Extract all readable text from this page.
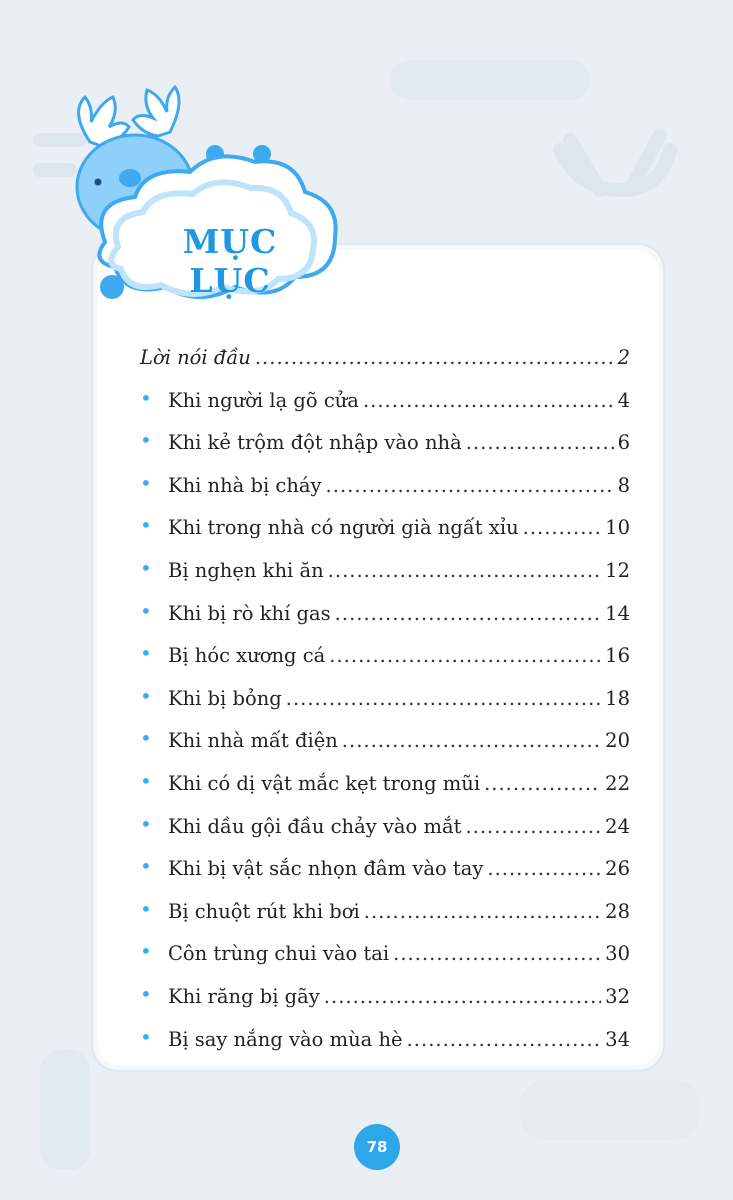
MỤC LỤC
Lời nói đầu .....	2
• Khi người lạ gõ cửa .....	4
• Khi kẻ trộm đột nhập vào nhà .....	6
• Khi nhà bị cháy .....	8
• Khi trong nhà có người già ngất xỉu .....	10
• Bị nghẹn khi ăn .....	12
• Khi bị rò khí gas .....	14
• Bị hóc xương cá .....	16
• Khi bị bỏng .....	18
• Khi nhà mất điện .....	20
• Khi có dị vật mắc kẹt trong mũi .....	22
• Khi dầu gội đầu chảy vào mắt .....	24
• Khi bị vật sắc nhọn đâm vào tay .....	26
• Bị chuột rút khi bơi .....	28
• Côn trùng chui vào tai .....	30
• Khi răng bị gãy .....	32
• Bị say nắng vào mùa hè .....	34
78
